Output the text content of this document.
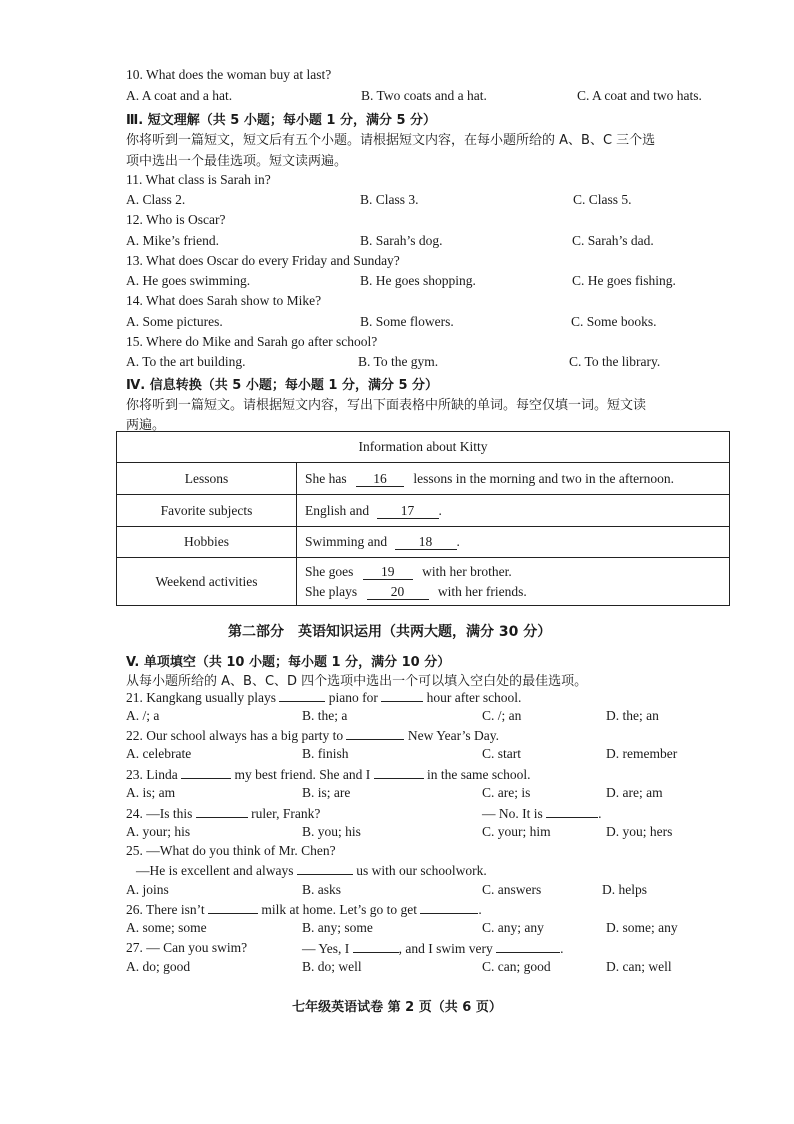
10. What does the woman buy at last?
A. A coat and a hat.	B. Two coats and a hat.	C. A coat and two hats.
Ⅲ. 短文理解（共 5 小题；每小题 1 分，满分 5 分）
你将听到一篇短文，短文后有五个小题。请根据短文内容，在每小题所给的 A、B、C 三个选
项中选出一个最佳选项。短文读两遍。
11. What class is Sarah in?
A. Class 2.	B. Class 3.	C. Class 5.
12. Who is Oscar?
A. Mike’s friend.	B. Sarah’s dog.	C. Sarah’s dad.
13. What does Oscar do every Friday and Sunday?
A. He goes swimming.	B. He goes shopping.	C. He goes fishing.
14. What does Sarah show to Mike?
A. Some pictures.	B. Some flowers.	C. Some books.
15. Where do Mike and Sarah go after school?
A. To the art building.	B. To the gym.	C. To the library.
Ⅳ. 信息转换（共 5 小题；每小题 1 分，满分 5 分）
你将听到一篇短文。请根据短文内容，写出下面表格中所缺的单词。每空仅填一词。短文读
两遍。
Information about Kitty	
Lessons	She has 16 lessons in the morning and two in the afternoon.
Favorite subjects	English and 17 .
Hobbies	Swimming and 18 .
Weekend activities	She goes 19 with her brother.
She plays 20 with her friends.
第二部分　英语知识运用（共两大题，满分 30 分）
V. 单项填空（共 10 小题；每小题 1 分，满分 10 分）
从每小题所给的 A、B、C、D 四个选项中选出一个可以填入空白处的最佳选项。
21. Kangkang usually plays	piano for	hour after school.
A. /; a	B. the; a	C. /; an	D. the; an
22. Our school always has a big party to	New Year’s Day.
A. celebrate	B. finish	C. start	D. remember
23. Linda	my best friend. She and I	in the same school.
A. is; am	B. is; are	C. are; is	D. are; am
24. —Is this	ruler, Frank?	— No. It is	.
A. your; his	B. you; his	C. your; him	D. you; hers
25. —What do you think of Mr. Chen?
—He is excellent and always	us with our schoolwork.
A. joins	B. asks	C. answers	D. helps
26. There isn’t	milk at home. Let’s go to get	.
A. some; some	B. any; some	C. any; any	D. some; any
27. — Can you swim?	— Yes, I	, and I swim very	.
A. do; good	B. do; well	C. can; good	D. can; well
七年级英语试卷 第 2 页（共 6 页）
